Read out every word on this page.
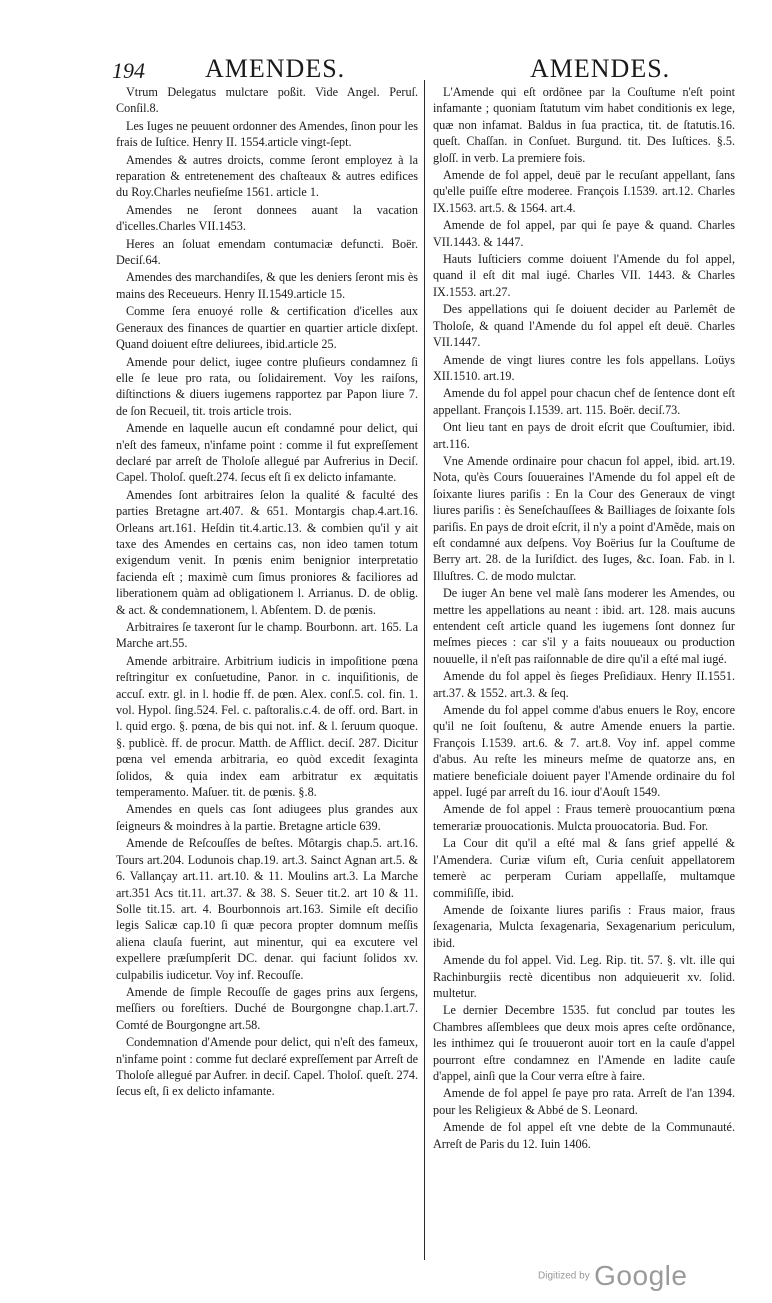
194 AMENDES.	AMENDES.

Vtrum Delegatus mulctare poßit. Vide Angel. Peruſ. Conſil.8.

Les Iuges ne peuuent ordonner des Amendes, ſinon pour les frais de Iuſtice. Henry II. 1554.article vingt-ſept.

Amendes & autres droicts, comme ſeront employez à la reparation & entretenement des chaſteaux & autres edifices du Roy.Charles neufieſme 1561. article 1.

Amendes ne ſeront donnees auant la vacation d'icelles.Charles VII.1453.

Heres an ſoluat emendam contumaciæ defuncti. Boër. Deciſ.64.

Amendes des marchandiſes, & que les deniers ſeront mis ès mains des Receueurs. Henry II.1549.article 15.

Comme ſera enuoyé rolle & certification d'icelles aux Generaux des finances de quartier en quartier article dixſept. Quand doiuent eſtre deliurees, ibid.article 25.

Amende pour delict, iugee contre pluſieurs condamnez ſi elle ſe leue pro rata, ou ſolidairement. Voy les raiſons, diſtinctions & diuers iugemens rapportez par Papon liure 7. de ſon Recueil, tit. trois article trois.

Amende en laquelle aucun eſt condamné pour delict, qui n'eſt des fameux, n'infame point : comme il fut expreſſement declaré par arreſt de Tholoſe allegué par Aufrerius in Deciſ. Capel. Tholoſ. queſt.274. ſecus eſt ſi ex delicto infamante.

Amendes ſont arbitraires ſelon la qualité & faculté des parties Bretagne art.407. & 651. Montargis chap.4.art.16. Orleans art.161. Heſdin tit.4.artic.13. & combien qu'il y ait taxe des Amendes en certains cas, non ideo tamen totum exigendum venit. In pœnis enim benignior interpretatio facienda eſt ; maximè cum ſimus proniores & faciliores ad liberationem quàm ad obligationem l. Arrianus. D. de oblig. & act. & condemnationem, l. Abſentem. D. de pœnis.

Arbitraires ſe taxeront ſur le champ. Bourbonn. art. 165. La Marche art.55.

Amende arbitraire. Arbitrium iudicis in impoſitione pœna reſtringitur ex conſuetudine, Panor. in c. inquiſitionis, de accuſ. extr. gl. in l. hodie ff. de pœn. Alex. conſ.5. col. fin. 1. vol. Hypol. ſing.524. Fel. c. paſtoralis.c.4. de off. ord. Bart. in l. quid ergo. §. pœna, de bis qui not. inf. & l. ſeruum quoque. §. publicè. ff. de procur. Matth. de Afflict. deciſ. 287. Dicitur pœna vel emenda arbitraria, eo quòd excedit ſexaginta ſolidos, & quia index eam arbitratur ex æquitatis temperamento. Maſuer. tit. de pœnis. §.8.

Amendes en quels cas ſont adiugees plus grandes aux ſeigneurs & moindres à la partie. Bretagne article 639.

Amende de Reſcouſſes de beſtes. Môtargis chap.5. art.16. Tours art.204. Lodunois chap.19. art.3. Sainct Agnan art.5. & 6. Vallançay art.11. art.10. & 11. Moulins art.3. La Marche art.351 Acs tit.11. art.37. & 38. S. Seuer tit.2. art 10 & 11. Solle tit.15. art. 4. Bourbonnois art.163. Simile eſt deciſio legis Salicæ cap.10 ſi quæ pecora propter domnum meſſis aliena clauſa fuerint, aut minentur, qui ea excutere vel expellere præſumpſerit DC. denar. qui faciunt ſolidos xv. culpabilis iudicetur. Voy inf. Recouſſe.

Amende de ſimple Recouſſe de gages prins aux ſergens, meſſiers ou foreſtiers. Duché de Bourgongne chap.1.art.7. Comté de Bourgongne art.58.

Condemnation d'Amende pour delict, qui n'eſt des fameux, n'infame point : comme fut declaré expreſſement par Arreſt de Tholoſe allegué par Aufrer. in deciſ. Capel. Tholoſ. queſt. 274. ſecus eſt, ſi ex delicto infamante.

L'Amende qui eſt ordõnee par la Couſtume n'eſt point infamante ; quoniam ſtatutum vim habet conditionis ex lege, quæ non infamat. Baldus in ſua practica, tit. de ſtatutis.16. queſt. Chaſſan. in Conſuet. Burgund. tit. Des Iuſtices. §.5. gloſſ. in verb. La premiere fois.

Amende de fol appel, deuë par le recuſant appellant, ſans qu'elle puiſſe eſtre moderee. François I.1539. art.12. Charles IX.1563. art.5. & 1564. art.4.

Amende de fol appel, par qui ſe paye & quand. Charles VII.1443. & 1447.

Hauts Iuſticiers comme doiuent l'Amende du fol appel, quand il eſt dit mal iugé. Charles VII. 1443. & Charles IX.1553. art.27.

Des appellations qui ſe doiuent decider au Parlemêt de Tholoſe, & quand l'Amende du fol appel eſt deuë. Charles VII.1447.

Amende de vingt liures contre les fols appellans. Loüys XII.1510. art.19.

Amende du fol appel pour chacun chef de ſentence dont eſt appellant. François I.1539. art. 115. Boër. deciſ.73.

Ont lieu tant en pays de droit eſcrit que Couſtumier, ibid. art.116.

Vne Amende ordinaire pour chacun fol appel, ibid. art.19. Nota, qu'ès Cours ſouueraines l'Amende du fol appel eſt de ſoixante liures pariſis : En la Cour des Generaux de vingt liures pariſis : ès Seneſchauſſees & Bailliages de ſoixante ſols pariſis. En pays de droit eſcrit, il n'y a point d'Amẽde, mais on eſt condamné aux deſpens. Voy Boërius ſur la Couſtume de Berry art. 28. de la Iuriſdict. des Iuges, &c. Ioan. Fab. in l. Illuſtres. C. de modo mulctar.

De iuger An bene vel malè ſans moderer les Amendes, ou mettre les appellations au neant : ibid. art. 128. mais aucuns entendent ceſt article quand les iugemens ſont donnez ſur meſmes pieces : car s'il y a faits nouueaux ou production nouuelle, il n'eſt pas raiſonnable de dire qu'il a eſté mal iugé.

Amende du fol appel ès ſieges Preſidiaux. Henry II.1551. art.37. & 1552. art.3. & ſeq.

Amende du fol appel comme d'abus enuers le Roy, encore qu'il ne ſoit ſouſtenu, & autre Amende enuers la partie. François I.1539. art.6. & 7. art.8. Voy inf. appel comme d'abus. Au reſte les mineurs meſme de quatorze ans, en matiere beneficiale doiuent payer l'Amende ordinaire du fol appel. Iugé par arreſt du 16. iour d'Aouſt 1549.

Amende de fol appel : Fraus temerè prouocantium pœna temerariæ prouocationis. Mulcta prouocatoria. Bud. For.

La Cour dit qu'il a eſté mal & ſans grief appellé & l'Amendera. Curiæ viſum eſt, Curia cenſuit appellatorem temerè ac perperam Curiam appellaſſe, multamque commiſiſſe, ibid.

Amende de ſoixante liures pariſis : Fraus maior, fraus ſexagenaria, Mulcta ſexagenaria, Sexagenarium periculum, ibid.

Amende du fol appel. Vid. Leg. Rip. tit. 57. §. vlt. ille qui Rachinburgiis rectè dicentibus non adquieuerit xv. ſolid. multetur.

Le dernier Decembre 1535. fut conclud par toutes les Chambres aſſemblees que deux mois apres ceſte ordõnance, les inthimez qui ſe trouueront auoir tort en la cauſe d'appel pourront eſtre condamnez en l'Amende en ladite cauſe d'appel, ainſi que la Cour verra eſtre à faire.

Amende de fol appel ſe paye pro rata. Arreſt de l'an 1394. pour les Religieux & Abbé de S. Leonard.

Amende de fol appel eſt vne debte de la Communauté. Arreſt de Paris du 12. Iuin 1406.

Digitized by Google
